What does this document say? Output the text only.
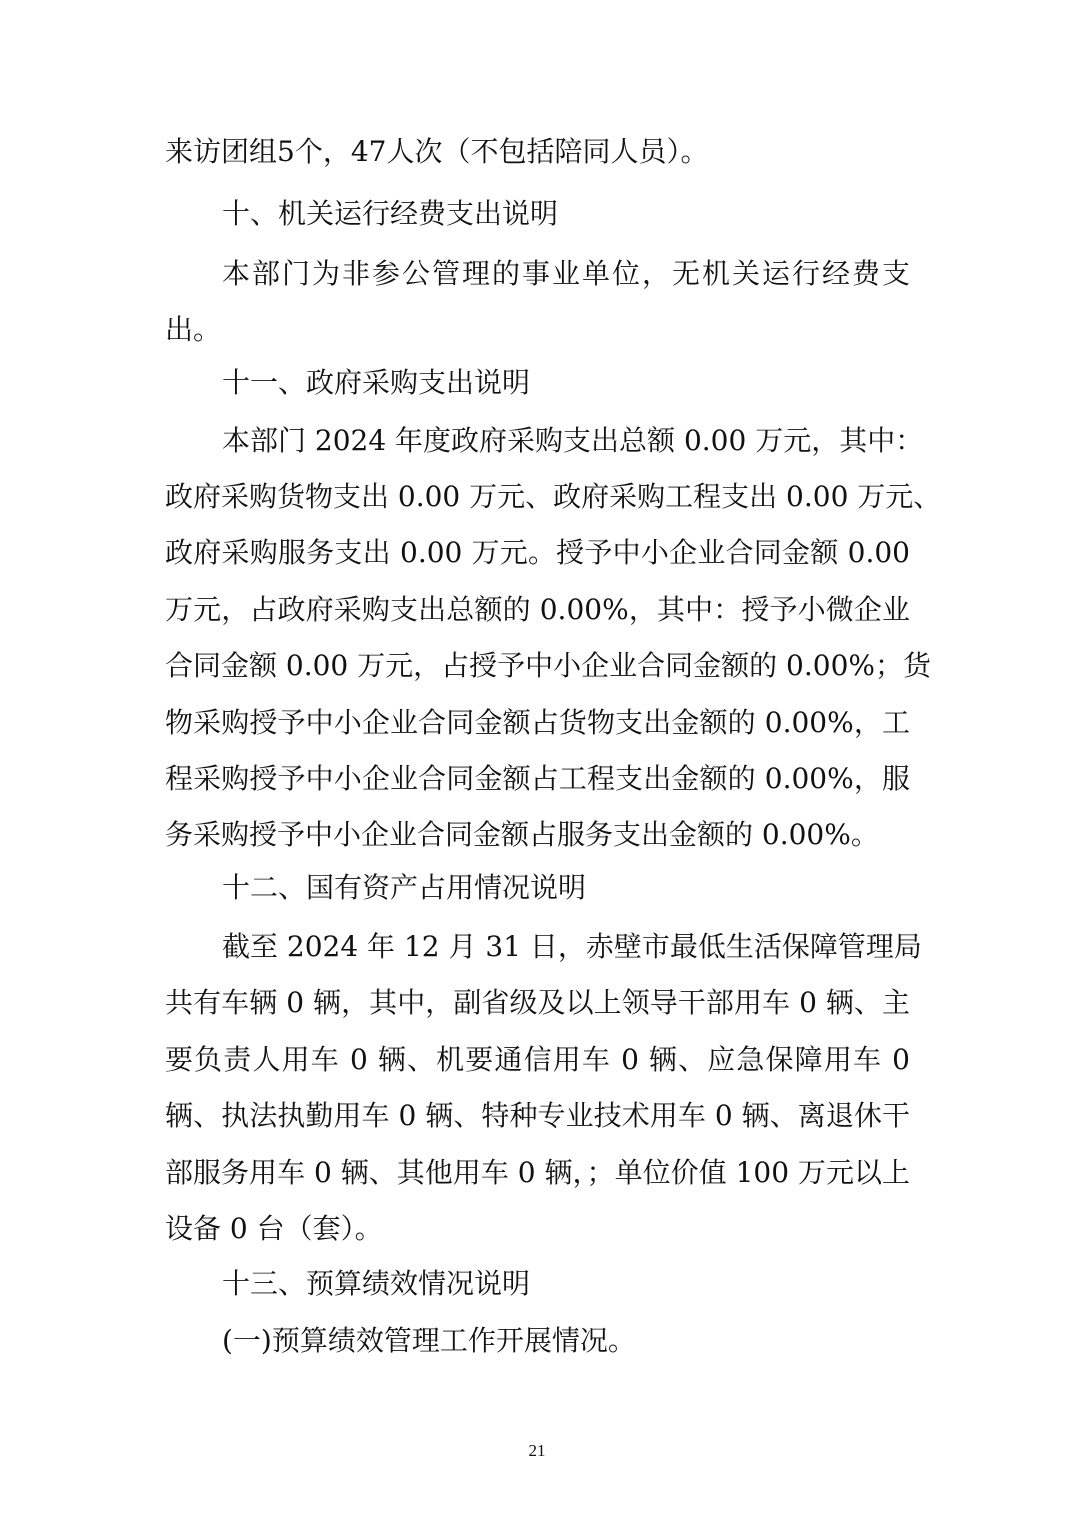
来访团组5个，47人次（不包括陪同人员）。
十、机关运行经费支出说明
本部门为非参公管理的事业单位，无机关运行经费支
出。
十一、政府采购支出说明
本部门 2024 年度政府采购支出总额 0.00 万元，其中：
政府采购货物支出 0.00 万元、政府采购工程支出 0.00 万元、
政府采购服务支出 0.00 万元。授予中小企业合同金额 0.00
万元，占政府采购支出总额的 0.00%，其中：授予小微企业
合同金额 0.00 万元，占授予中小企业合同金额的 0.00%；货
物采购授予中小企业合同金额占货物支出金额的 0.00%，工
程采购授予中小企业合同金额占工程支出金额的 0.00%，服
务采购授予中小企业合同金额占服务支出金额的 0.00%。
十二、国有资产占用情况说明
截至 2024 年 12 月 31 日，赤壁市最低生活保障管理局
共有车辆 0 辆，其中，副省级及以上领导干部用车 0 辆、主
要负责人用车 0 辆、机要通信用车 0 辆、应急保障用车 0
辆、执法执勤用车 0 辆、特种专业技术用车 0 辆、离退休干
部服务用车 0 辆、其他用车 0 辆，；单位价值 100 万元以上
设备 0 台（套）。
十三、预算绩效情况说明
(一)预算绩效管理工作开展情况。
21
